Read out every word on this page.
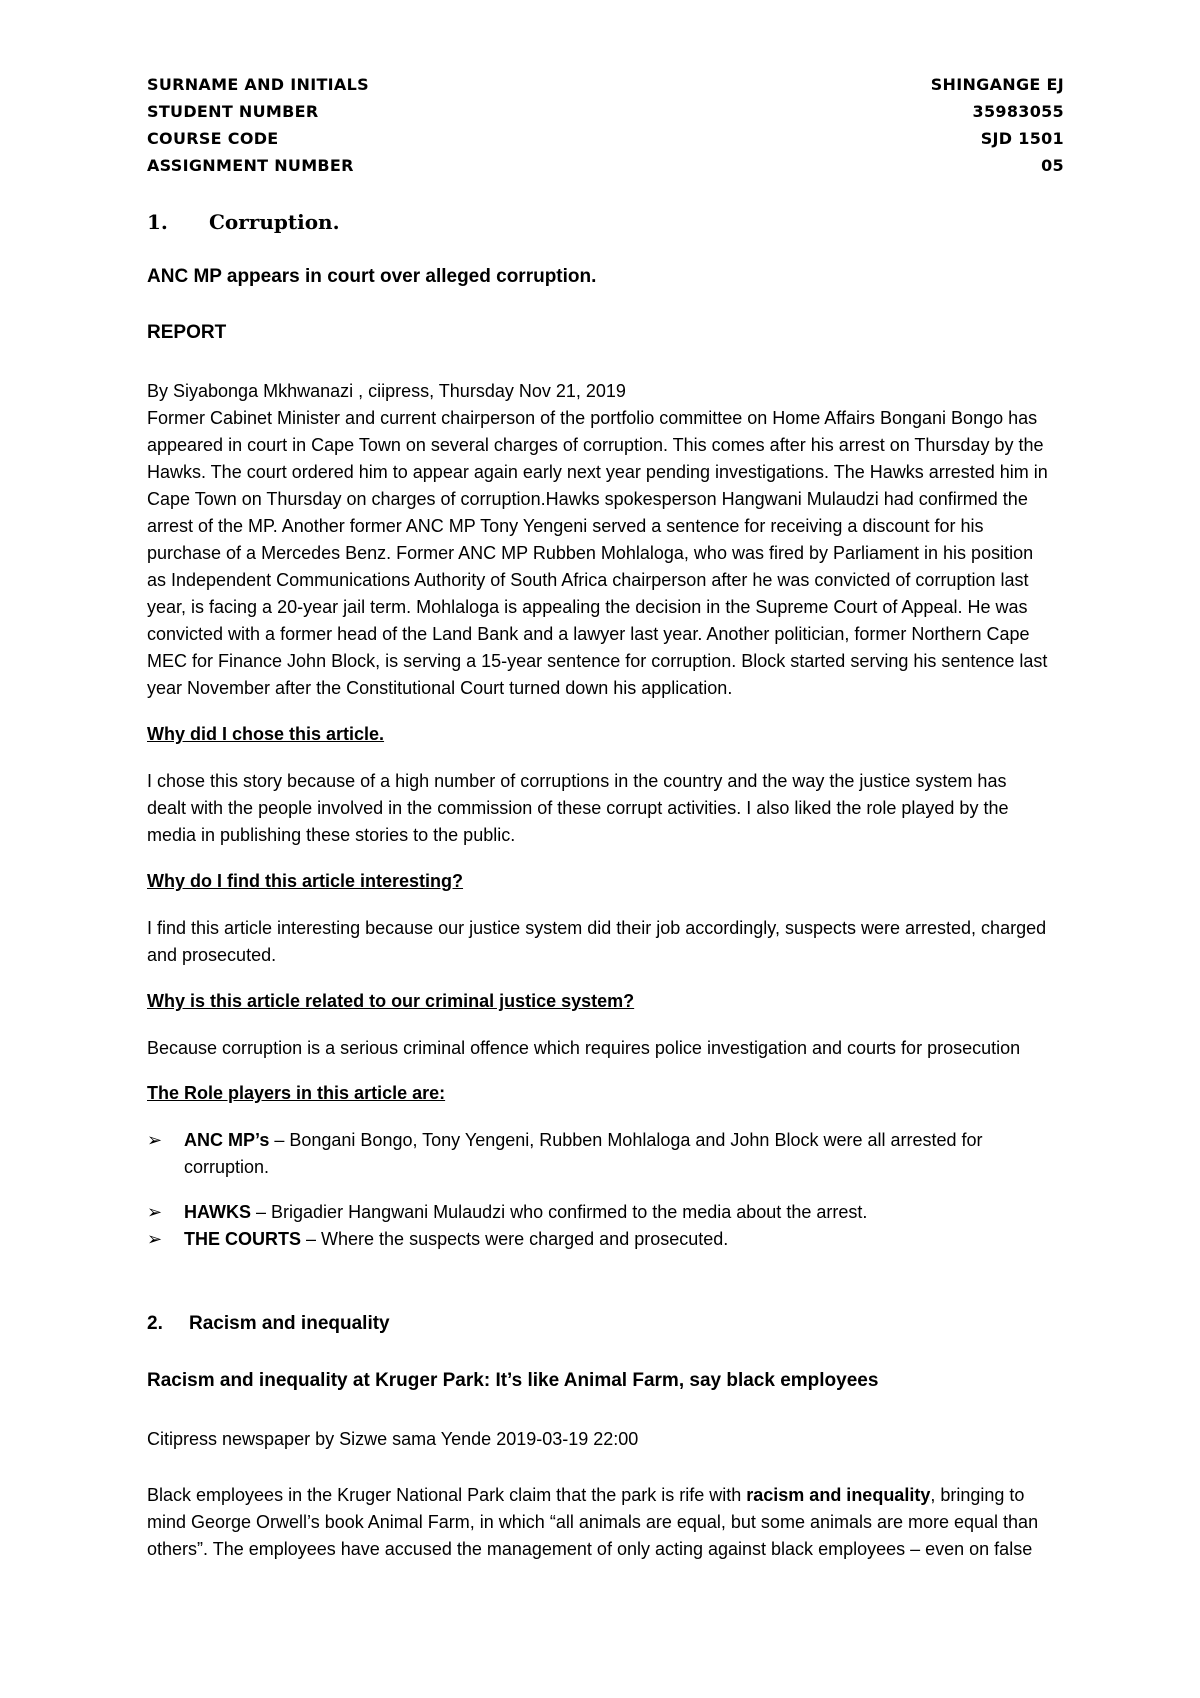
SURNAME AND INITIALS	SHINGANGE EJ
STUDENT NUMBER	35983055
COURSE CODE	SJD 1501
ASSIGNMENT NUMBER	05
1. Corruption.
ANC MP appears in court over alleged corruption.
REPORT
By Siyabonga Mkhwanazi , ciipress, Thursday Nov 21, 2019
Former Cabinet Minister and current chairperson of the portfolio committee on Home Affairs Bongani Bongo has
appeared in court in Cape Town on several charges of corruption. This comes after his arrest on Thursday by the
Hawks. The court ordered him to appear again early next year pending investigations. The Hawks arrested him in
Cape Town on Thursday on charges of corruption.Hawks spokesperson Hangwani Mulaudzi had confirmed the
arrest of the MP. Another former ANC MP Tony Yengeni served a sentence for receiving a discount for his
purchase of a Mercedes Benz. Former ANC MP Rubben Mohlaloga, who was fired by Parliament in his position
as Independent Communications Authority of South Africa chairperson after he was convicted of corruption last
year, is facing a 20-year jail term. Mohlaloga is appealing the decision in the Supreme Court of Appeal. He was
convicted with a former head of the Land Bank and a lawyer last year. Another politician, former Northern Cape
MEC for Finance John Block, is serving a 15-year sentence for corruption. Block started serving his sentence last
year November after the Constitutional Court turned down his application.
Why did I chose this article.
I chose this story because of a high number of corruptions in the country and the way the justice system has
dealt with the people involved in the commission of these corrupt activities. I also liked the role played by the
media in publishing these stories to the public.
Why do I find this article interesting?
I find this article interesting because our justice system did their job accordingly, suspects were arrested, charged
and prosecuted.
Why is this article related to our criminal justice system?
Because corruption is a serious criminal offence which requires police investigation and courts for prosecution
The Role players in this article are:
➢	ANC MP’s – Bongani Bongo, Tony Yengeni, Rubben Mohlaloga and John Block were all arrested for
corruption.
➢	HAWKS – Brigadier Hangwani Mulaudzi who confirmed to the media about the arrest.
➢	THE COURTS – Where the suspects were charged and prosecuted.
2. Racism and inequality
Racism and inequality at Kruger Park: It’s like Animal Farm, say black employees
Citipress newspaper by Sizwe sama Yende 2019-03-19 22:00
Black employees in the Kruger National Park claim that the park is rife with racism and inequality, bringing to
mind George Orwell’s book Animal Farm, in which “all animals are equal, but some animals are more equal than
others”. The employees have accused the management of only acting against black employees – even on false
